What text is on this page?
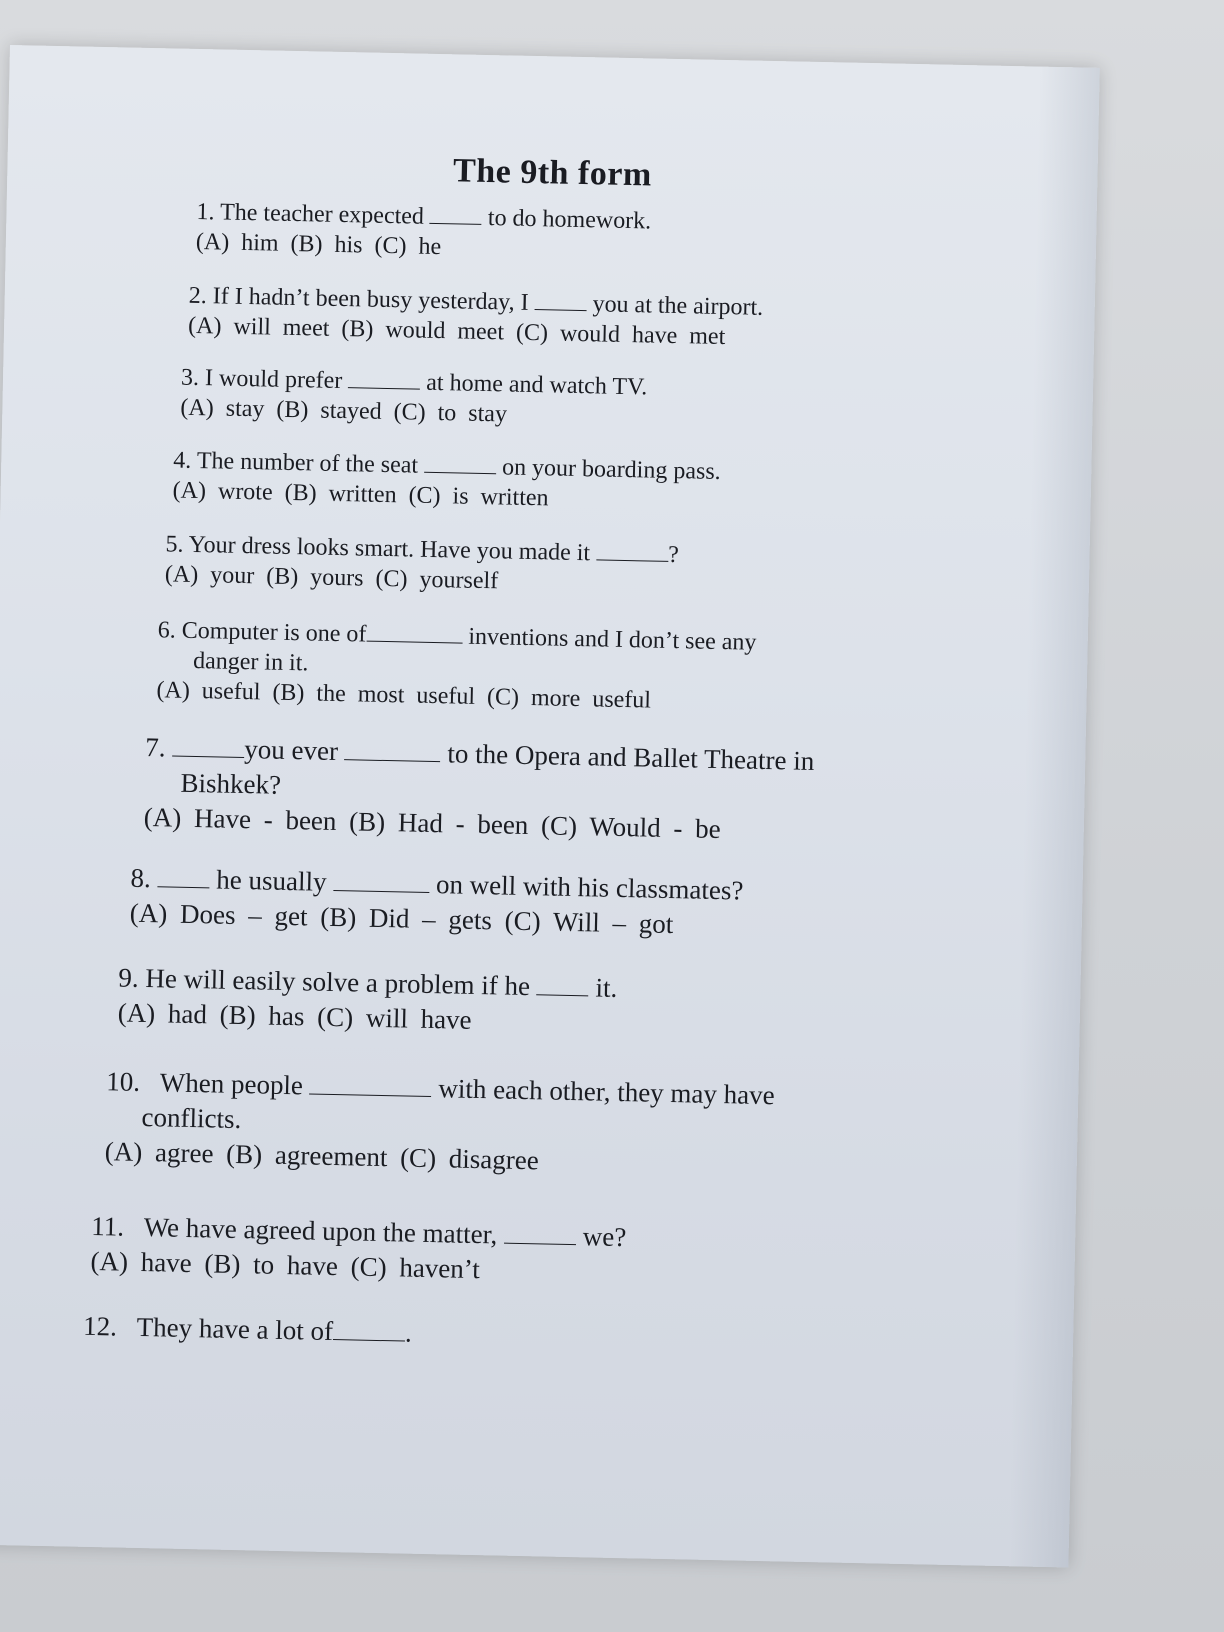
The 9th form
1. The teacher expected	to do homework.
(A) him (B) his (C) he
2. If I hadn’t been busy yesterday, I	you at the airport.
(A) will meet (B) would meet (C) would have met
3. I would prefer	at home and watch TV.
(A) stay (B) stayed (C) to stay
4. The number of the seat	on your boarding pass.
(A) wrote (B) written (C) is written
5. Your dress looks smart. Have you made it	?
(A) your (B) yours (C) yourself
6. Computer is one of	inventions and I don’t see any
danger in it.
(A) useful (B) the most useful (C) more useful
7.	you ever	to the Opera and Ballet Theatre in
Bishkek?
(A) Have - been (B) Had - been (C) Would - be
8. he usually	on well with his classmates?
(A) Does – get (B) Did – gets (C) Will – got
9. He will easily solve a problem if he it.
(A) had (B) has (C) will have
10. When people	with each other, they may have
conflicts.
(A) agree (B) agreement (C) disagree
11. We have agreed upon the matter,	we?
(A) have (B) to have (C) haven’t
12. They have a lot of	.
